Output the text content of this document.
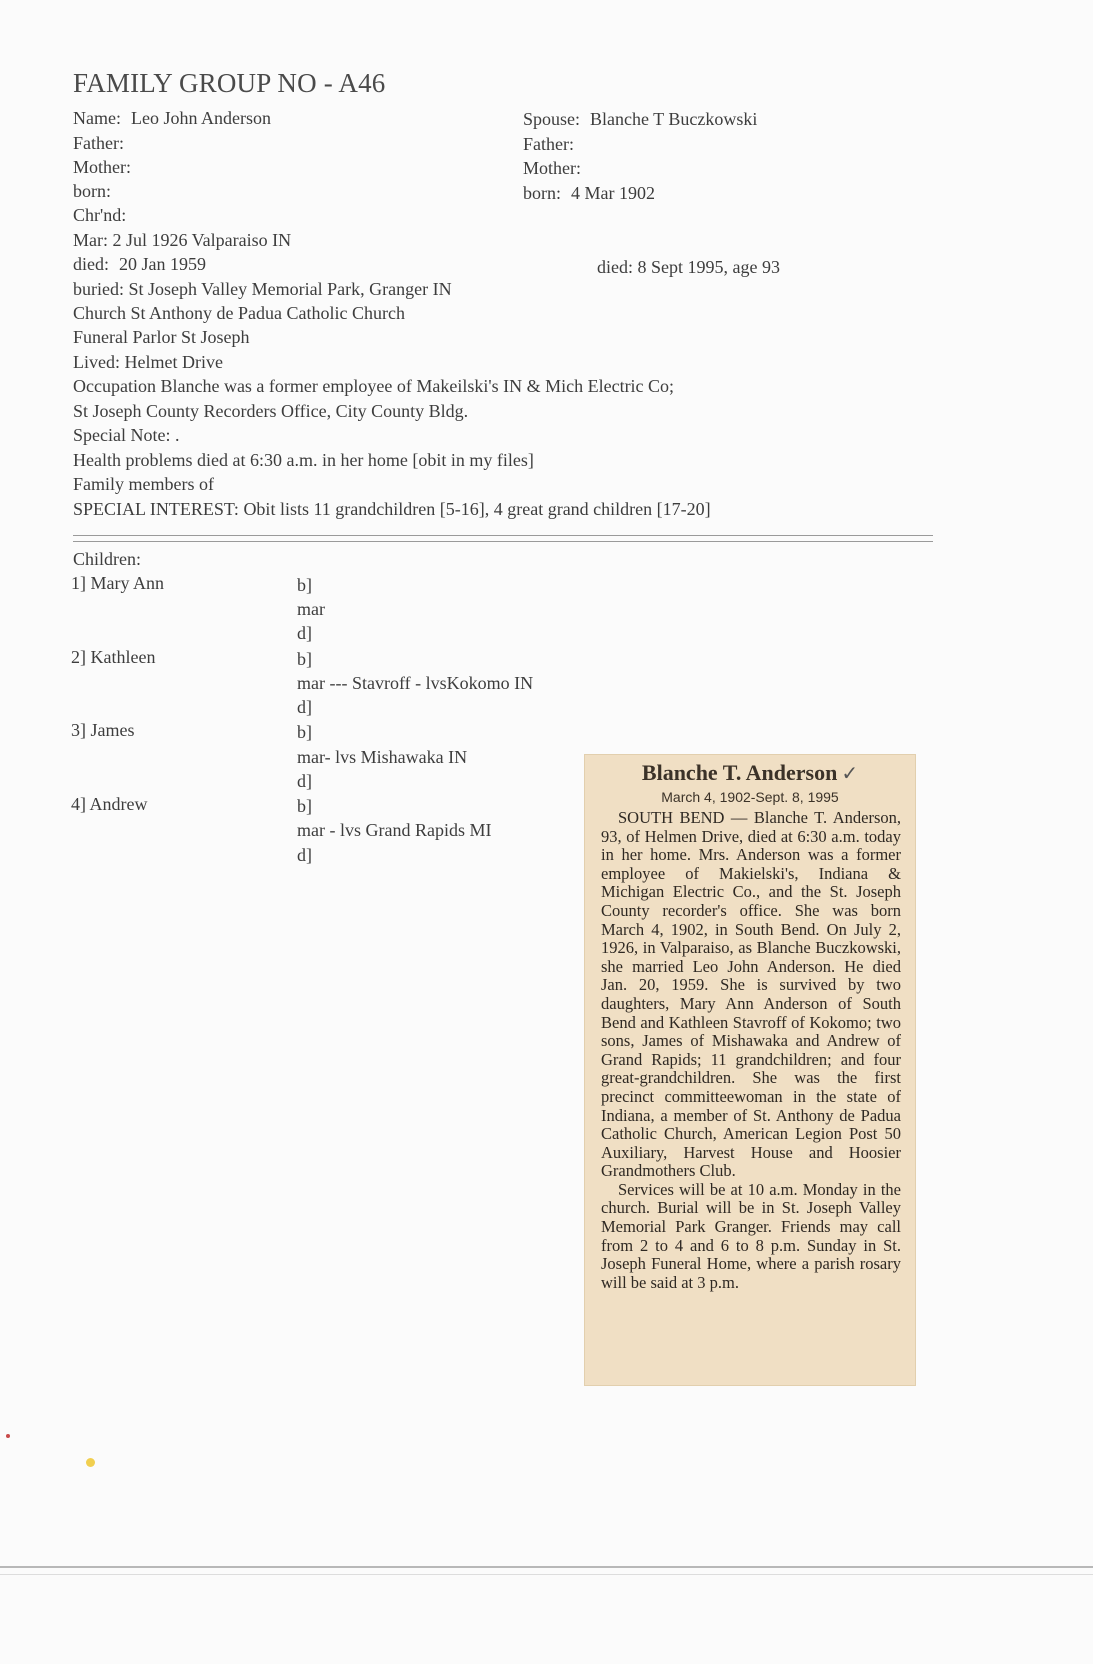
FAMILY GROUP NO - A46
Name: Leo John Anderson
Father:
Mother:
born:
Chr'nd:
Mar: 2 Jul 1926 Valparaiso IN
died: 20 Jan 1959
buried: St Joseph Valley Memorial Park, Granger IN
Church St Anthony de Padua Catholic Church
Funeral Parlor St Joseph
Lived: Helmet Drive
Occupation Blanche was a former employee of Makeilski's IN & Mich Electric Co;
St Joseph County Recorders Office, City County Bldg.
Special Note: .
Health problems died at 6:30 a.m. in her home [obit in my files]
Family members of
SPECIAL INTEREST: Obit lists 11 grandchildren [5-16], 4 great grand children [17-20]
Spouse: Blanche T Buczkowski
Father:
Mother:
born: 4 Mar 1902
died: 8 Sept 1995, age 93
Children:
1] Mary Ann	b]
mar
d]
2] Kathleen	b]
mar --- Stavroff - lvsKokomo IN
d]
3] James	b]
mar- lvs Mishawaka IN
d]
4] Andrew	b]
mar - lvs Grand Rapids MI
d]
Blanche T. Anderson ✓
March 4, 1902-Sept. 8, 1995

SOUTH BEND — Blanche T. Anderson, 93, of Helmen Drive, died at 6:30 a.m. today in her home. Mrs. Anderson was a former employee of Makielski's, Indiana & Michigan Electric Co., and the St. Joseph County recorder's office. She was born March 4, 1902, in South Bend. On July 2, 1926, in Valparaiso, as Blanche Buczkowski, she married Leo John Anderson. He died Jan. 20, 1959. She is survived by two daughters, Mary Ann Anderson of South Bend and Kathleen Stavroff of Kokomo; two sons, James of Mishawaka and Andrew of Grand Rapids; 11 grandchildren; and four great-grandchildren. She was the first precinct committeewoman in the state of Indiana, a member of St. Anthony de Padua Catholic Church, American Legion Post 50 Auxiliary, Harvest House and Hoosier Grandmothers Club.

Services will be at 10 a.m. Monday in the church. Burial will be in St. Joseph Valley Memorial Park Granger. Friends may call from 2 to 4 and 6 to 8 p.m. Sunday in St. Joseph Funeral Home, where a parish rosary will be said at 3 p.m.
